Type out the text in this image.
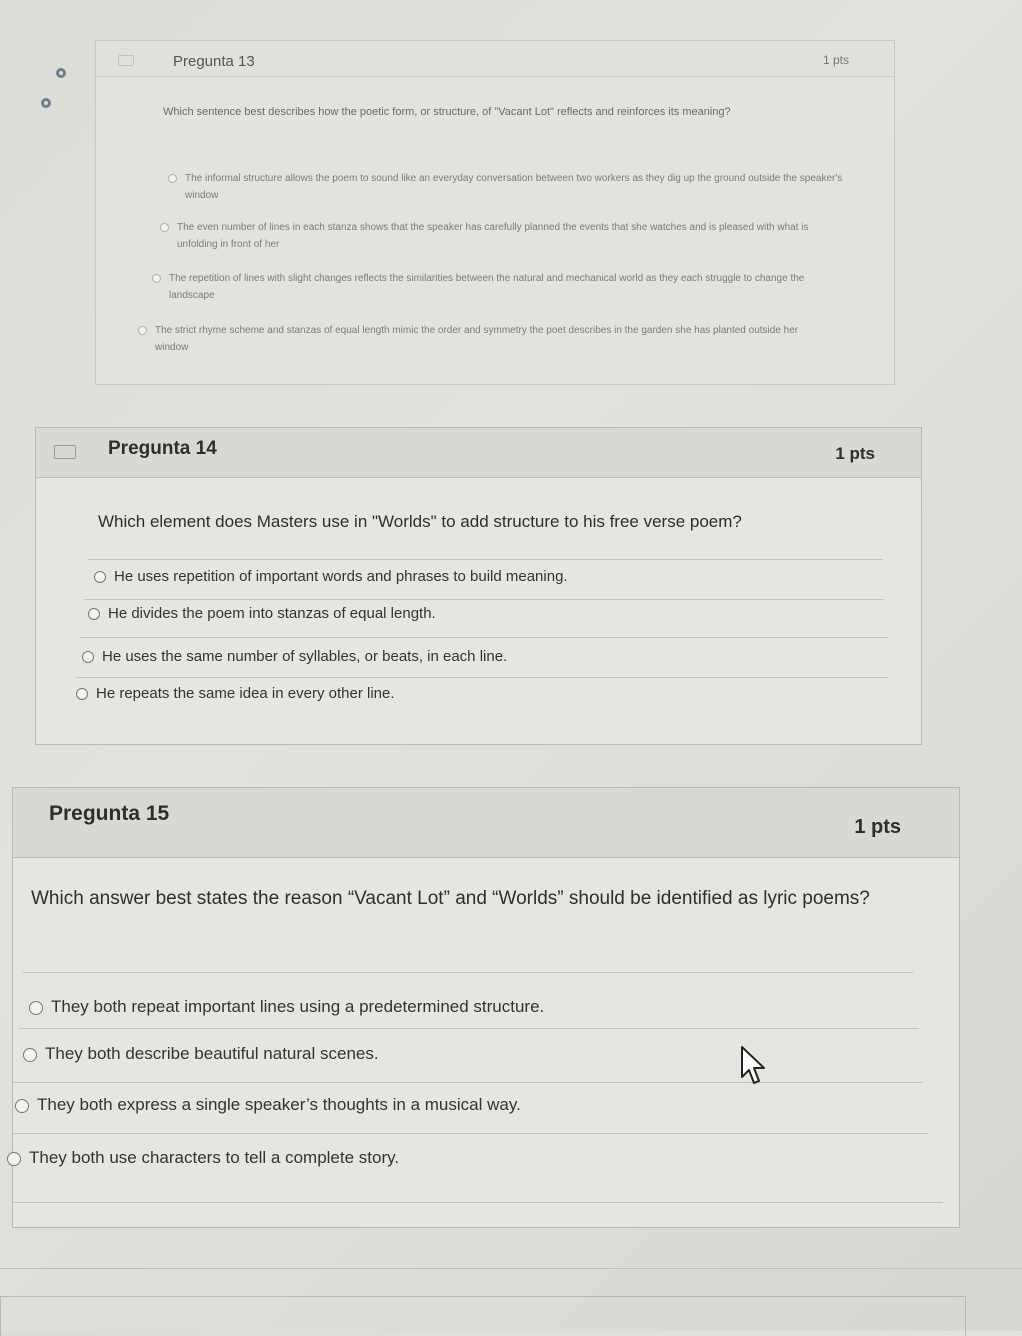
Pregunta 13	1 pts
Which sentence best describes how the poetic form, or structure, of "Vacant Lot" reflects and reinforces its meaning?
The informal structure allows the poem to sound like an everyday conversation between two workers as they dig up the ground outside the speaker's window
The even number of lines in each stanza shows that the speaker has carefully planned the events that she watches and is pleased with what is unfolding in front of her
The repetition of lines with slight changes reflects the similarities between the natural and mechanical world as they each struggle to change the landscape
The strict rhyme scheme and stanzas of equal length mimic the order and symmetry the poet describes in the garden she has planted outside her window
Pregunta 14	1 pts
Which element does Masters use in "Worlds" to add structure to his free verse poem?
He uses repetition of important words and phrases to build meaning.
He divides the poem into stanzas of equal length.
He uses the same number of syllables, or beats, in each line.
He repeats the same idea in every other line.
Pregunta 15
1 pts
Which answer best states the reason “Vacant Lot” and “Worlds” should be identified as lyric poems?
They both repeat important lines using a predetermined structure.
They both describe beautiful natural scenes.
They both express a single speaker’s thoughts in a musical way.
They both use characters to tell a complete story.
